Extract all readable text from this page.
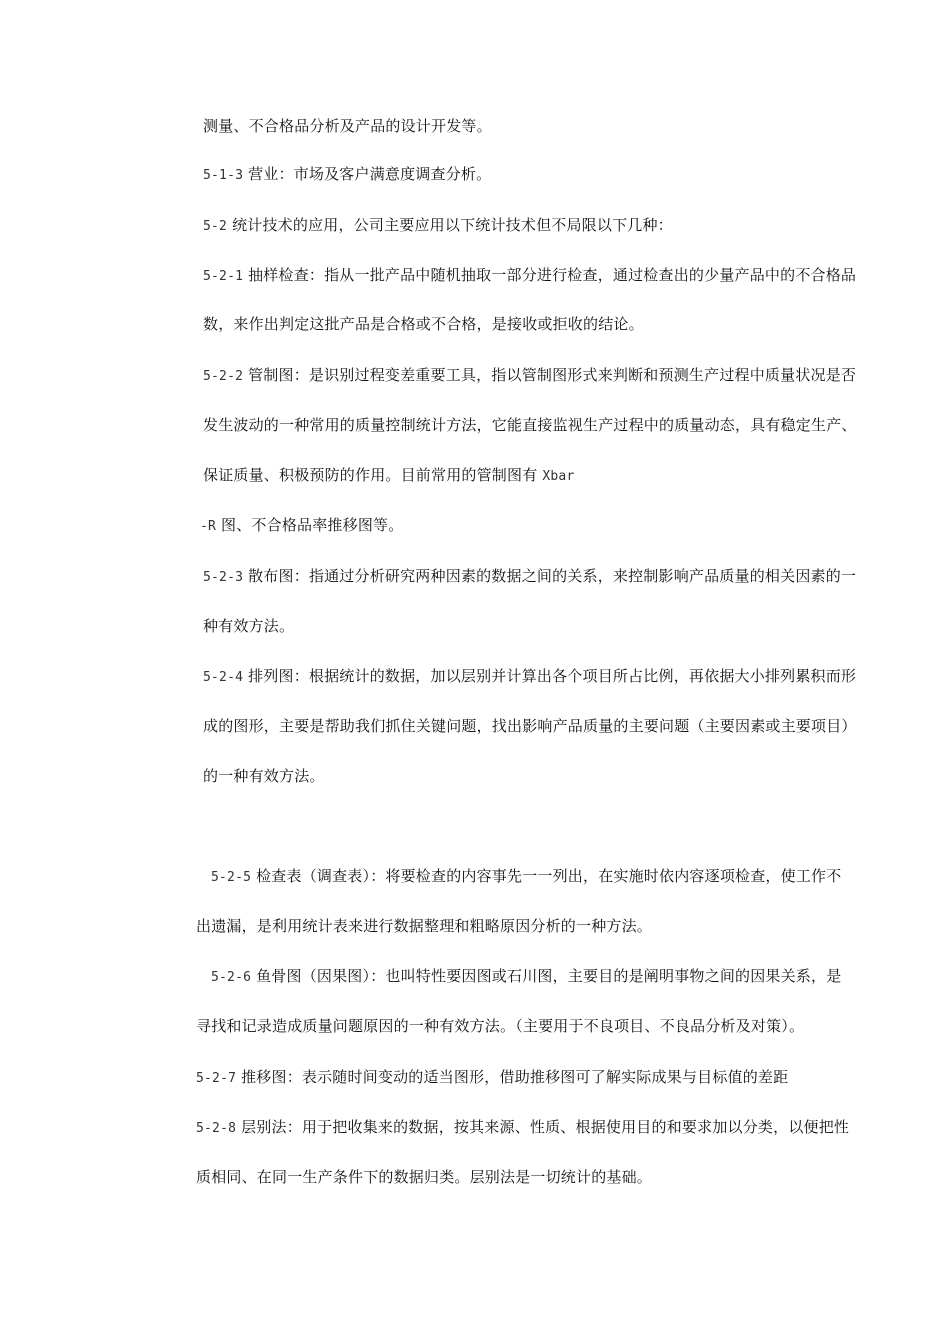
测量、不合格品分析及产品的设计开发等。
5-1-3 营业：市场及客户满意度调查分析。
5-2 统计技术的应用，公司主要应用以下统计技术但不局限以下几种：
5-2-1 抽样检查：指从一批产品中随机抽取一部分进行检查，通过检查出的少量产品中的不合格品
数，来作出判定这批产品是合格或不合格，是接收或拒收的结论。
5-2-2 管制图：是识别过程变差重要工具，指以管制图形式来判断和预测生产过程中质量状况是否
发生波动的一种常用的质量控制统计方法，它能直接监视生产过程中的质量动态，具有稳定生产、
保证质量、积极预防的作用。目前常用的管制图有 Xbar
-R 图、不合格品率推移图等。
5-2-3 散布图：指通过分析研究两种因素的数据之间的关系，来控制影响产品质量的相关因素的一
种有效方法。
5-2-4 排列图：根据统计的数据，加以层别并计算出各个项目所占比例，再依据大小排列累积而形
成的图形，主要是帮助我们抓住关键问题，找出影响产品质量的主要问题（主要因素或主要项目）
的一种有效方法。
5-2-5 检查表（调查表）：将要检查的内容事先一一列出，在实施时依内容逐项检查，使工作不
出遗漏，是利用统计表来进行数据整理和粗略原因分析的一种方法。
5-2-6 鱼骨图（因果图）：也叫特性要因图或石川图，主要目的是阐明事物之间的因果关系，是
寻找和记录造成质量问题原因的一种有效方法。（主要用于不良项目、不良品分析及对策）。
5-2-7 推移图：表示随时间变动的适当图形，借助推移图可了解实际成果与目标值的差距
5-2-8 层别法：用于把收集来的数据，按其来源、性质、根据使用目的和要求加以分类，以便把性
质相同、在同一生产条件下的数据归类。层别法是一切统计的基础。
